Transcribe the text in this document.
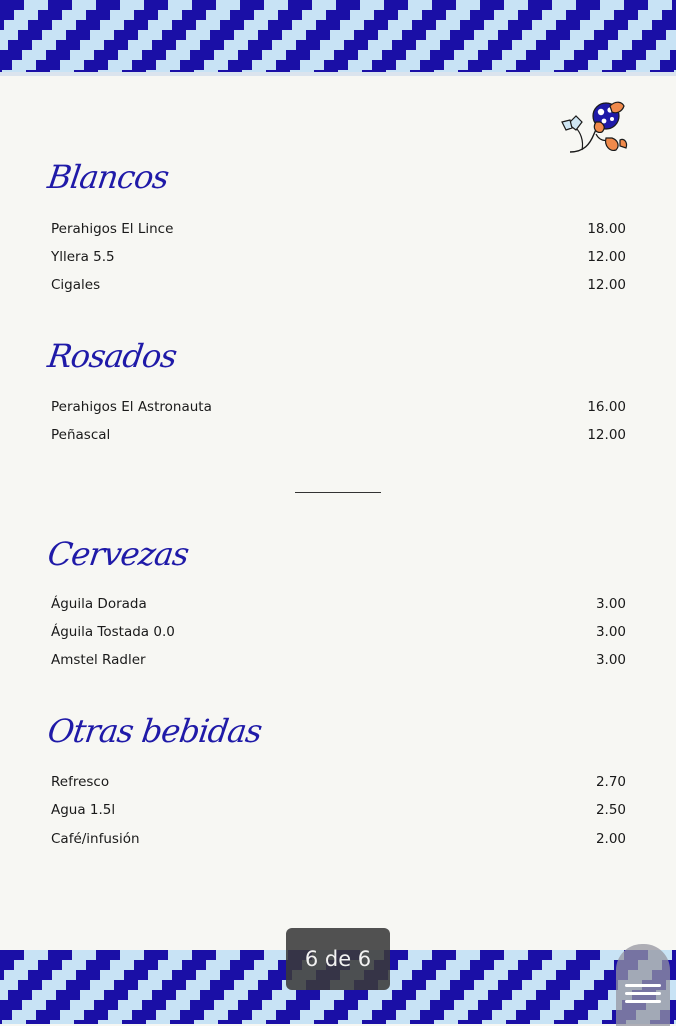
Blancos
Perahigos El Lince	18.00
Yllera 5.5	12.00
Cigales	12.00
Rosados
Perahigos El Astronauta	16.00
Peñascal	12.00
Cervezas
Águila Dorada	3.00
Águila Tostada 0.0	3.00
Amstel Radler	3.00
Otras bebidas
Refresco	2.70
Agua 1.5l	2.50
Café/infusión	2.00
6 de 6
